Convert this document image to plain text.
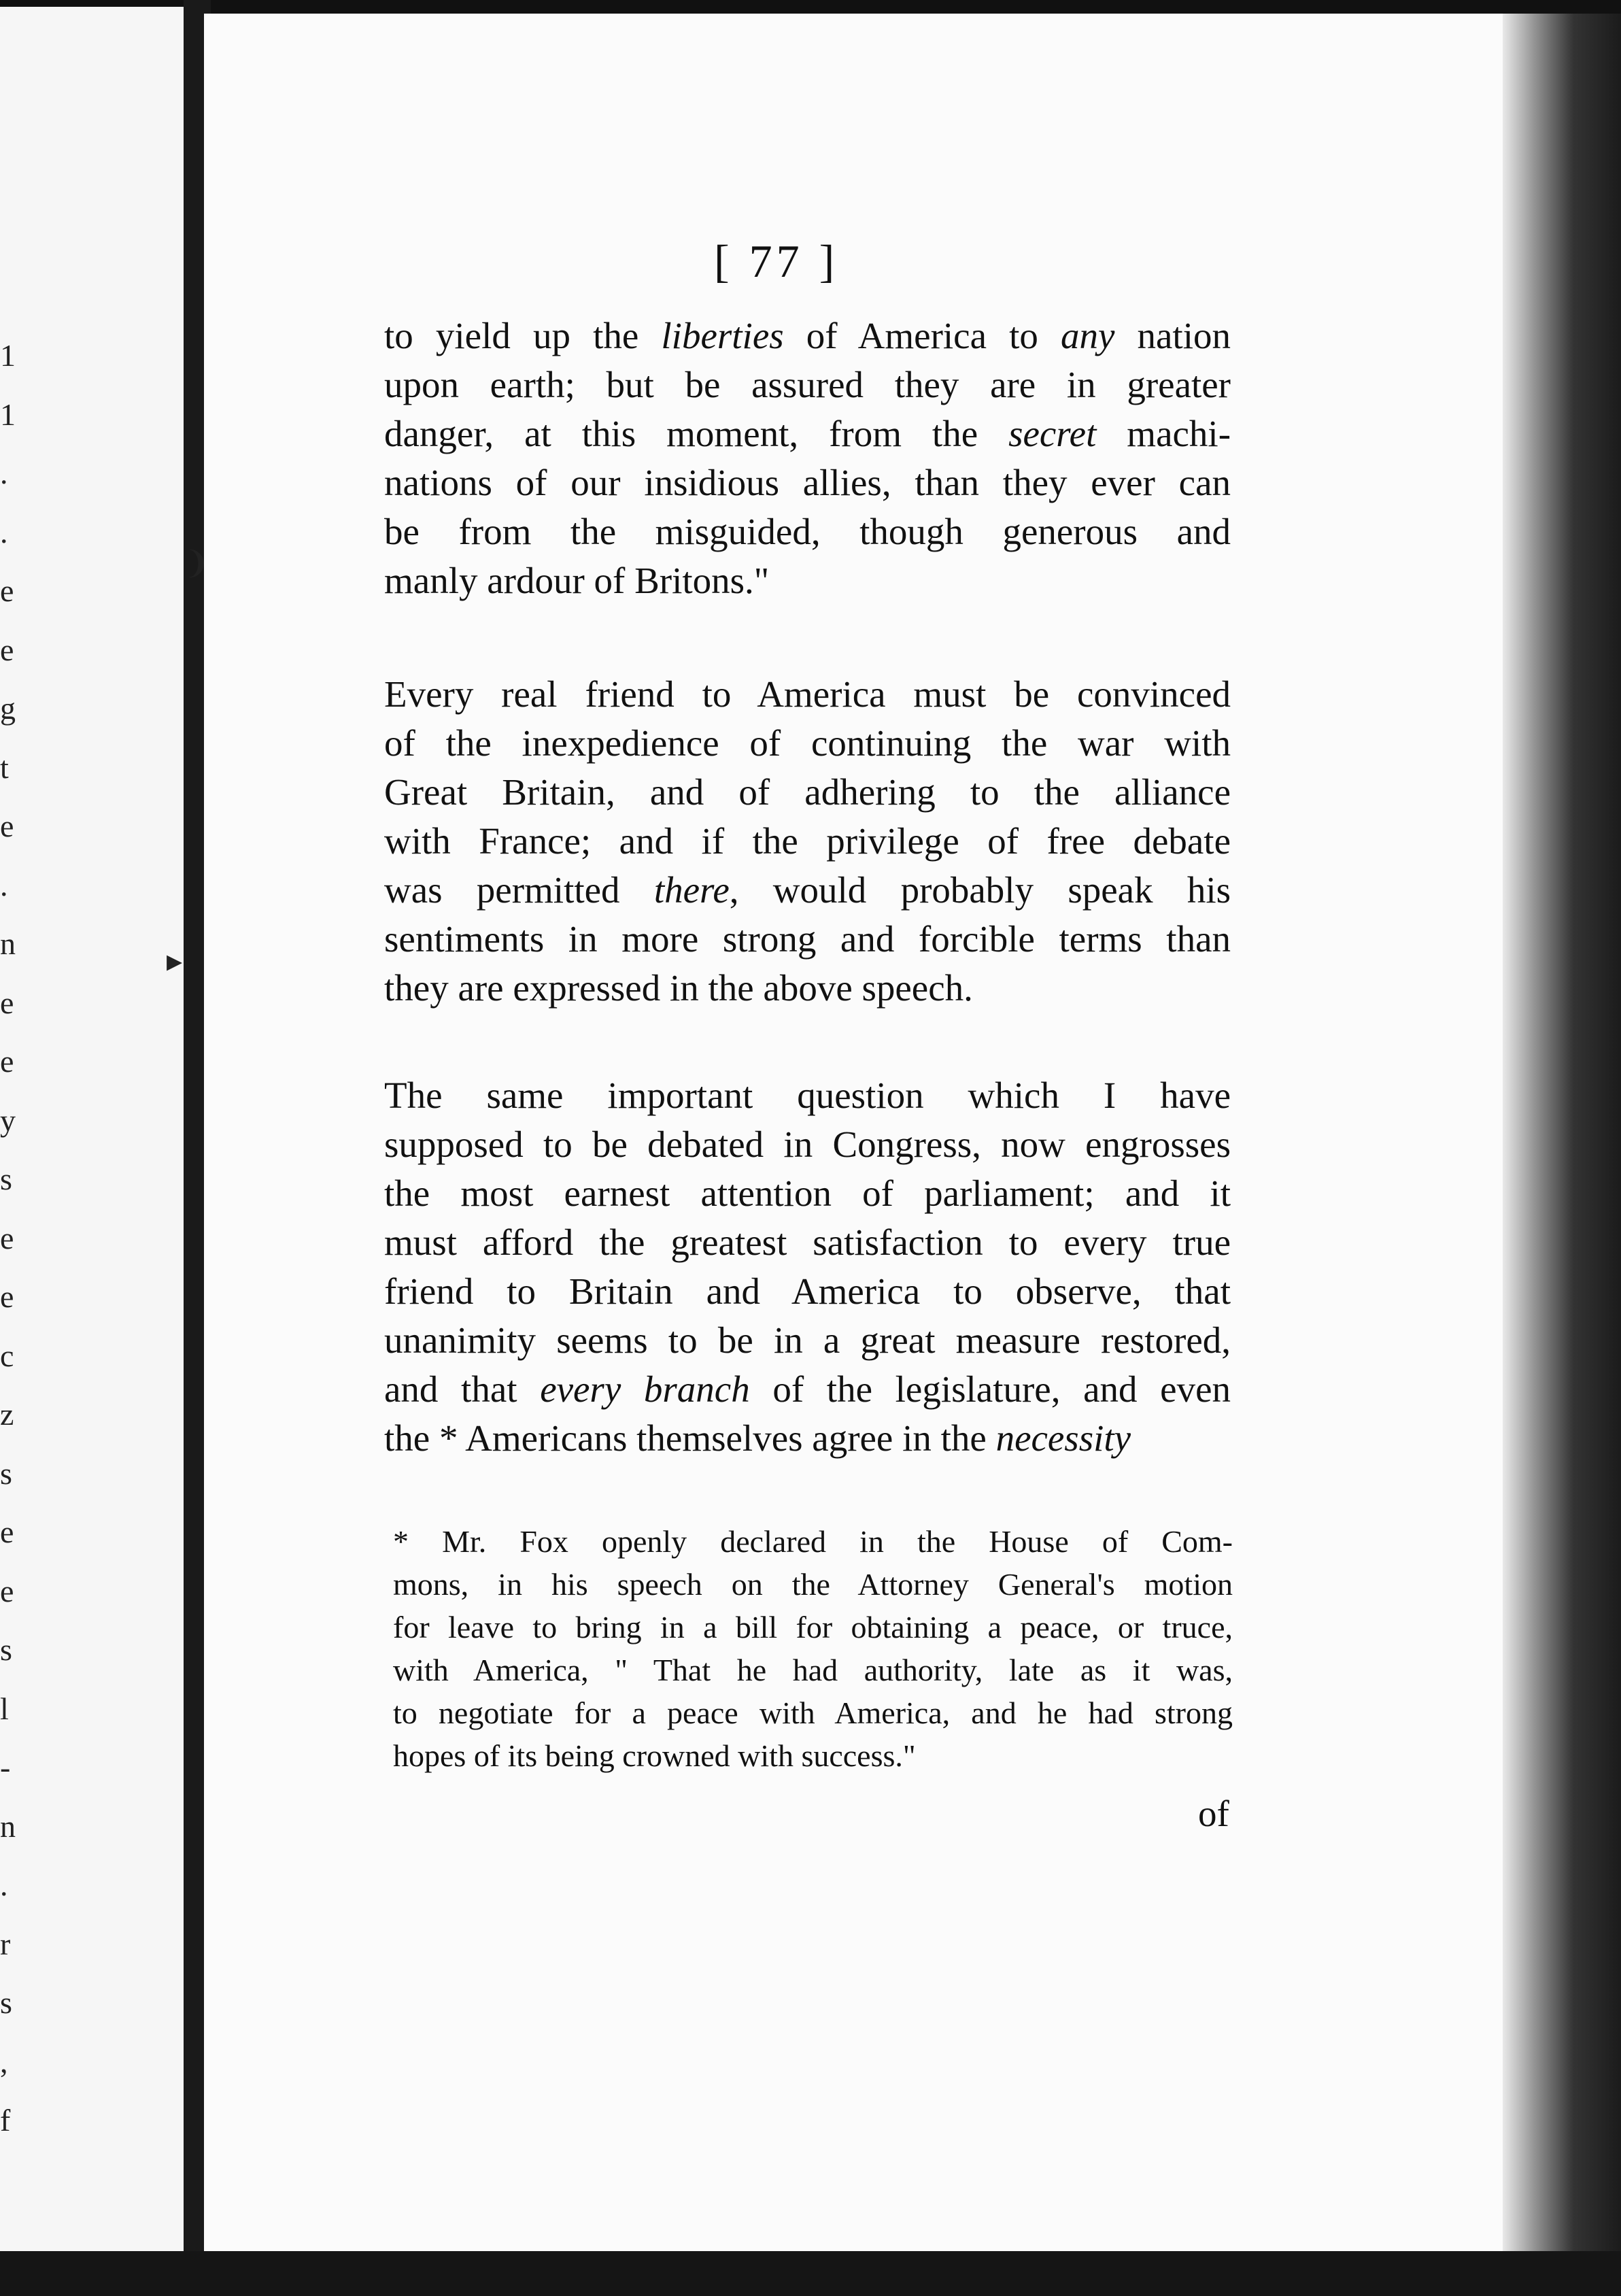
1
1
.
.
e
e
g
t
e
.
n
e
e
y
s
e
e
c
z
s
e
e
s
l
-
n
.
r
s
,
f
❩
▸
[ 77 ]
to yield up the liberties of America to any nation
upon earth; but be assured they are in greater
danger, at this moment, from the secret machi-
nations of our insidious allies, than they ever can
be from the misguided, though generous and
manly ardour of Britons."
Every real friend to America must be convinced
of the inexpedience of continuing the war with
Great Britain, and of adhering to the alliance
with France; and if the privilege of free debate
was permitted there, would probably speak his
sentiments in more strong and forcible terms than
they are expressed in the above speech.
The same important question which I have
supposed to be debated in Congress, now engrosses
the most earnest attention of parliament; and it
must afford the greatest satisfaction to every true
friend to Britain and America to observe, that
unanimity seems to be in a great measure restored,
and that every branch of the legislature, and even
the * Americans themselves agree in the necessity
* Mr. Fox openly declared in the House of Com-
mons, in his speech on the Attorney General's motion
for leave to bring in a bill for obtaining a peace, or truce,
with America, " That he had authority, late as it was,
to negotiate for a peace with America, and he had strong
hopes of its being crowned with success."
of
